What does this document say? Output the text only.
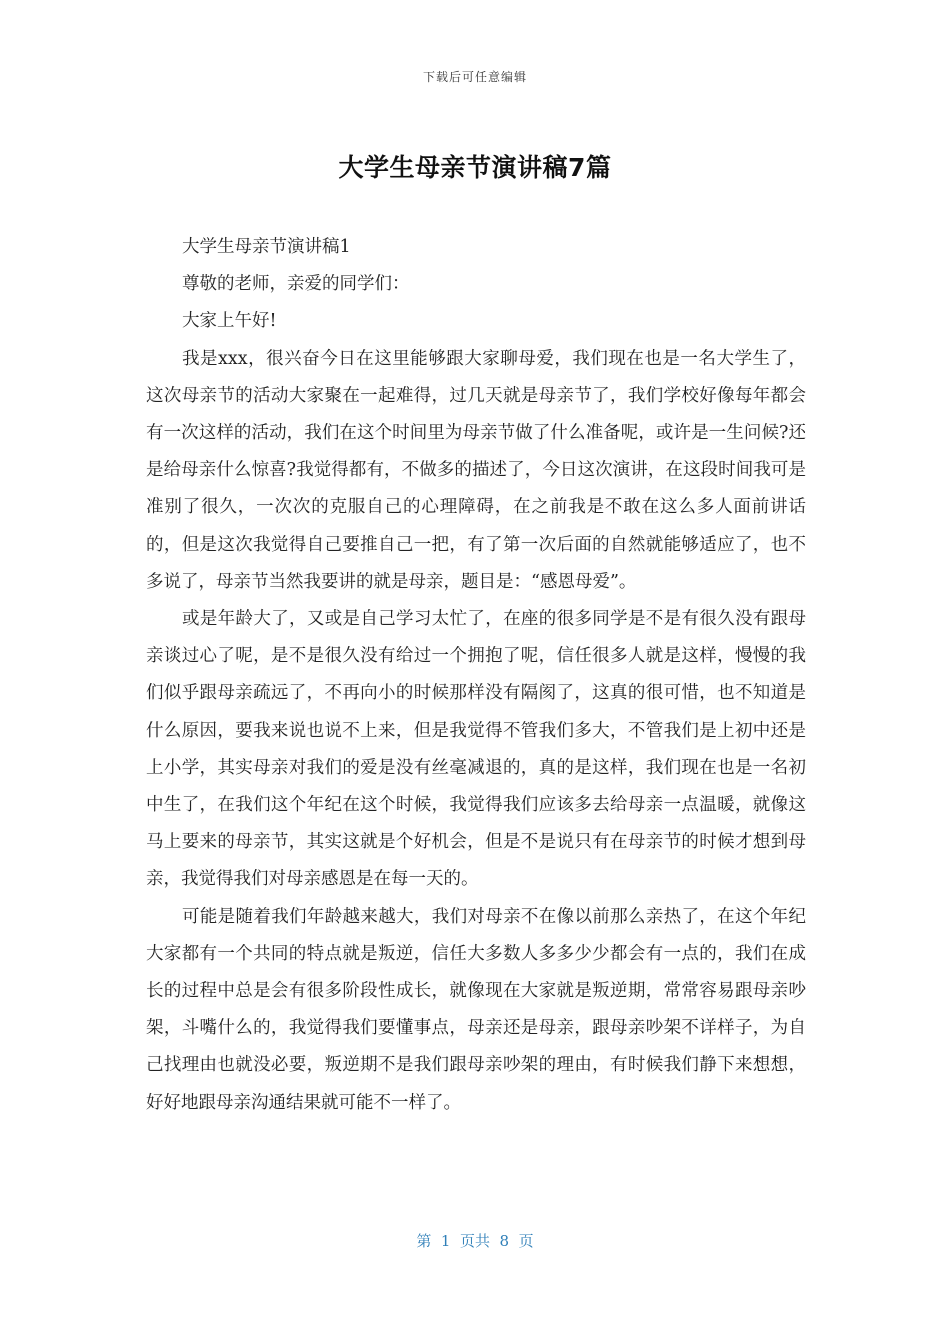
下载后可任意编辑
大学生母亲节演讲稿7篇

大学生母亲节演讲稿1

尊敬的老师，亲爱的同学们：

大家上午好!

我是xxx，很兴奋今日在这里能够跟大家聊母爱，我们现在也是一名大学生了，这次母亲节的活动大家聚在一起难得，过几天就是母亲节了，我们学校好像每年都会有一次这样的活动，我们在这个时间里为母亲节做了什么准备呢，或许是一生问候?还是给母亲什么惊喜?我觉得都有，不做多的描述了，今日这次演讲，在这段时间我可是准别了很久，一次次的克服自己的心理障碍，在之前我是不敢在这么多人面前讲话的，但是这次我觉得自己要推自己一把，有了第一次后面的自然就能够适应了，也不多说了，母亲节当然我要讲的就是母亲，题目是：“感恩母爱”。

或是年龄大了，又或是自己学习太忙了，在座的很多同学是不是有很久没有跟母亲谈过心了呢，是不是很久没有给过一个拥抱了呢，信任很多人就是这样，慢慢的我们似乎跟母亲疏远了，不再向小的时候那样没有隔阂了，这真的很可惜，也不知道是什么原因，要我来说也说不上来，但是我觉得不管我们多大，不管我们是上初中还是上小学，其实母亲对我们的爱是没有丝毫减退的，真的是这样，我们现在也是一名初中生了，在我们这个年纪在这个时候，我觉得我们应该多去给母亲一点温暖，就像这马上要来的母亲节，其实这就是个好机会，但是不是说只有在母亲节的时候才想到母亲，我觉得我们对母亲感恩是在每一天的。

可能是随着我们年龄越来越大，我们对母亲不在像以前那么亲热了，在这个年纪大家都有一个共同的特点就是叛逆，信任大多数人多多少少都会有一点的，我们在成长的过程中总是会有很多阶段性成长，就像现在大家就是叛逆期，常常容易跟母亲吵架，斗嘴什么的，我觉得我们要懂事点，母亲还是母亲，跟母亲吵架不详样子，为自己找理由也就没必要，叛逆期不是我们跟母亲吵架的理由，有时候我们静下来想想，好好地跟母亲沟通结果就可能不一样了。

第  1  页共  8  页
